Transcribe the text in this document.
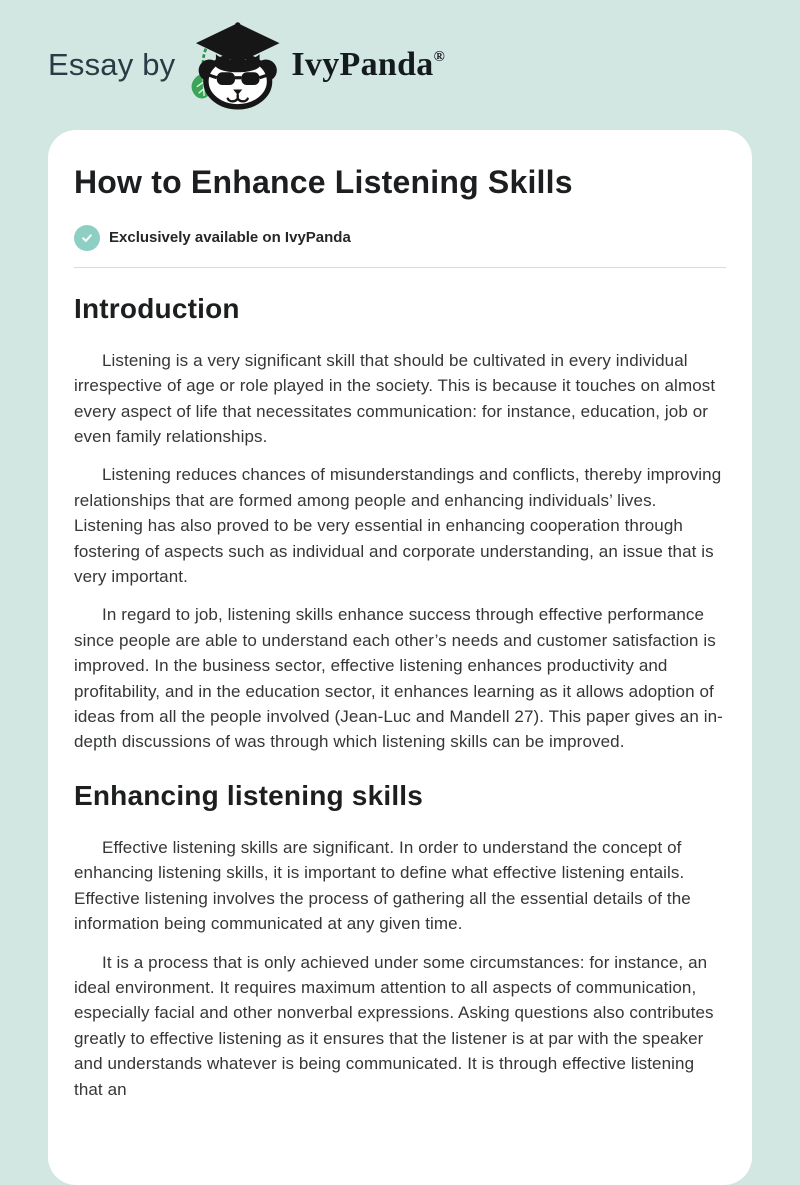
Essay by	IvyPanda®
How to Enhance Listening Skills
Exclusively available on IvyPanda
Introduction

Listening is a very significant skill that should be cultivated in every individual irrespective of age or role played in the society. This is because it touches on almost every aspect of life that necessitates communication: for instance, education, job or even family relationships.

Listening reduces chances of misunderstandings and conflicts, thereby improving relationships that are formed among people and enhancing individuals’ lives. Listening has also proved to be very essential in enhancing cooperation through fostering of aspects such as individual and corporate understanding, an issue that is very important.

In regard to job, listening skills enhance success through effective performance since people are able to understand each other’s needs and customer satisfaction is improved. In the business sector, effective listening enhances productivity and profitability, and in the education sector, it enhances learning as it allows adoption of ideas from all the people involved (Jean-Luc and Mandell 27). This paper gives an in-depth discussions of was through which listening skills can be improved.

Enhancing listening skills

Effective listening skills are significant. In order to understand the concept of enhancing listening skills, it is important to define what effective listening entails. Effective listening involves the process of gathering all the essential details of the information being communicated at any given time.

It is a process that is only achieved under some circumstances: for instance, an ideal environment. It requires maximum attention to all aspects of communication, especially facial and other nonverbal expressions. Asking questions also contributes greatly to effective listening as it ensures that the listener is at par with the speaker and understands whatever is being communicated. It is through effective listening that an
